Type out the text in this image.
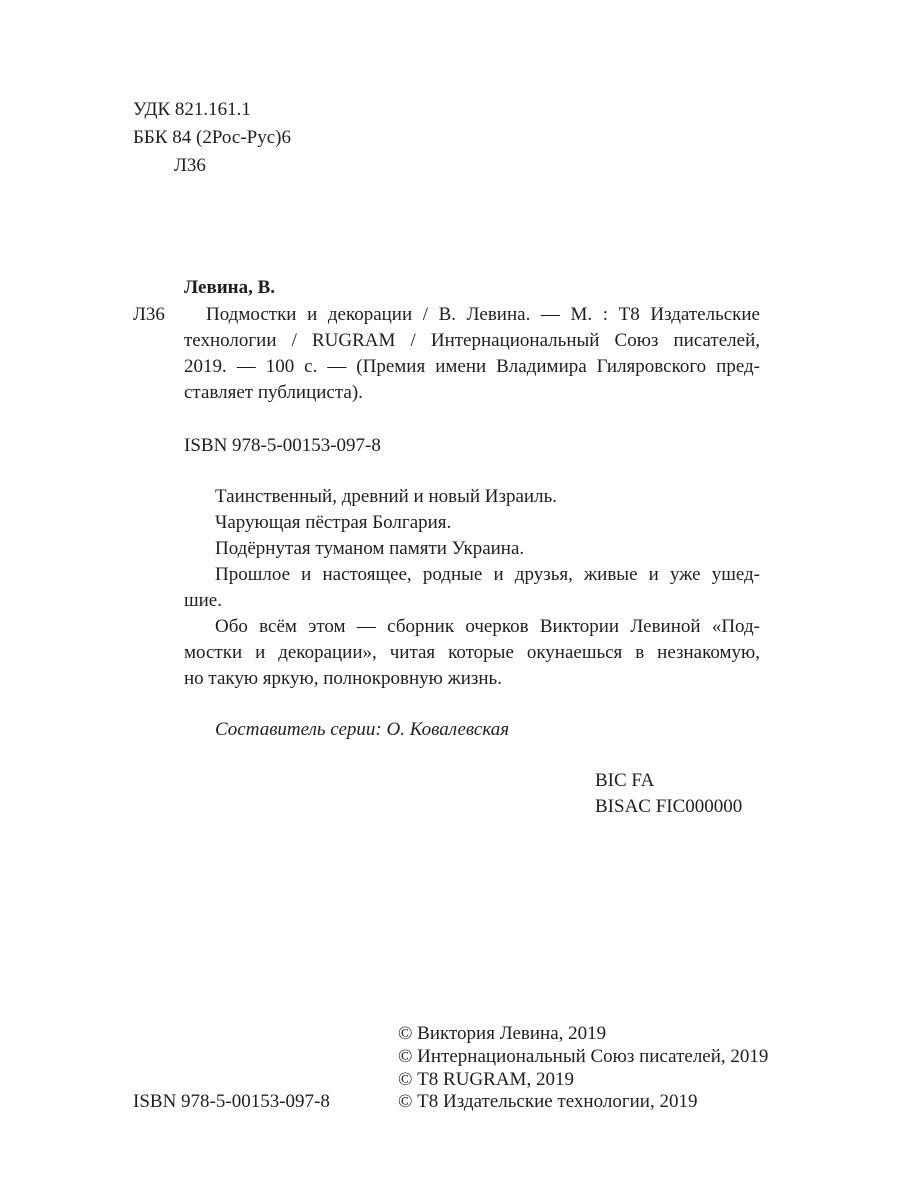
УДК 821.161.1
ББК 84 (2Рос-Рус)6
Л36
Левина, В.
Л36 Подмостки и декорации / В. Левина. — М. : Т8 Издательские
технологии / RUGRAM / Интернациональный Союз писателей,
2019. — 100 с. — (Премия имени Владимира Гиляровского пред-
ставляет публициста).
ISBN 978-5-00153-097-8
Таинственный, древний и новый Израиль.
Чарующая пёстрая Болгария.
Подёрнутая туманом памяти Украина.
Прошлое и настоящее, родные и друзья, живые и уже ушед-
шие.
Обо всём этом — сборник очерков Виктории Левиной «Под-
мостки и декорации», читая которые окунаешься в незнакомую,
но такую яркую, полнокровную жизнь.
Составитель серии: О. Ковалевская
BIC FA
BISAC FIC000000
ISBN 978-5-00153-097-8
© Виктория Левина, 2019
© Интернациональный Союз писателей, 2019
© Т8 RUGRAM, 2019
© Т8 Издательские технологии, 2019
